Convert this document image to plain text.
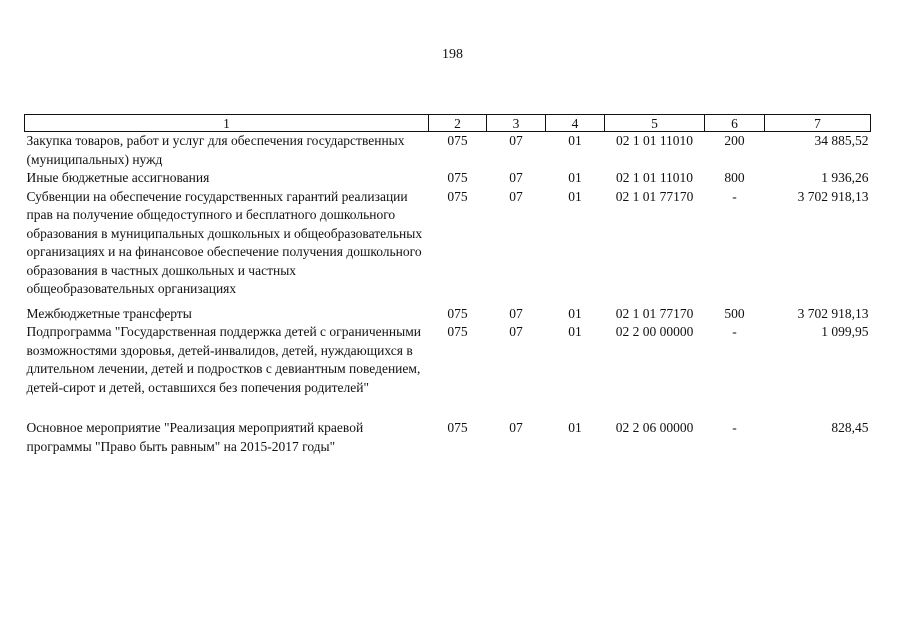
198
1	2	3	4	5	6	7
Закупка товаров, работ и услуг для обеспечения государственных (муниципальных) нужд	075	07	01	02 1 01 11010	200	34 885,52
Иные бюджетные ассигнования	075	07	01	02 1 01 11010	800	1 936,26
Субвенции на обеспечение государственных гарантий реализации прав на получение общедоступного и бесплатного дошкольного образования в муниципальных дошкольных и общеобразовательных организациях и на финансовое обеспечение получения дошкольного образования в частных дошкольных и частных общеобразовательных организациях	075	07	01	02 1 01 77170	-	3 702 918,13
Межбюджетные трансферты	075	07	01	02 1 01 77170	500	3 702 918,13
Подпрограмма "Государственная поддержка детей с ограниченными возможностями здоровья, детей-инвалидов, детей, нуждающихся в длительном лечении, детей и подростков с девиантным поведением, детей-сирот и детей, оставшихся без попечения родителей"	075	07	01	02 2 00 00000	-	1 099,95
Основное мероприятие "Реализация мероприятий краевой программы "Право быть равным" на 2015-2017 годы"	075	07	01	02 2 06 00000	-	828,45
